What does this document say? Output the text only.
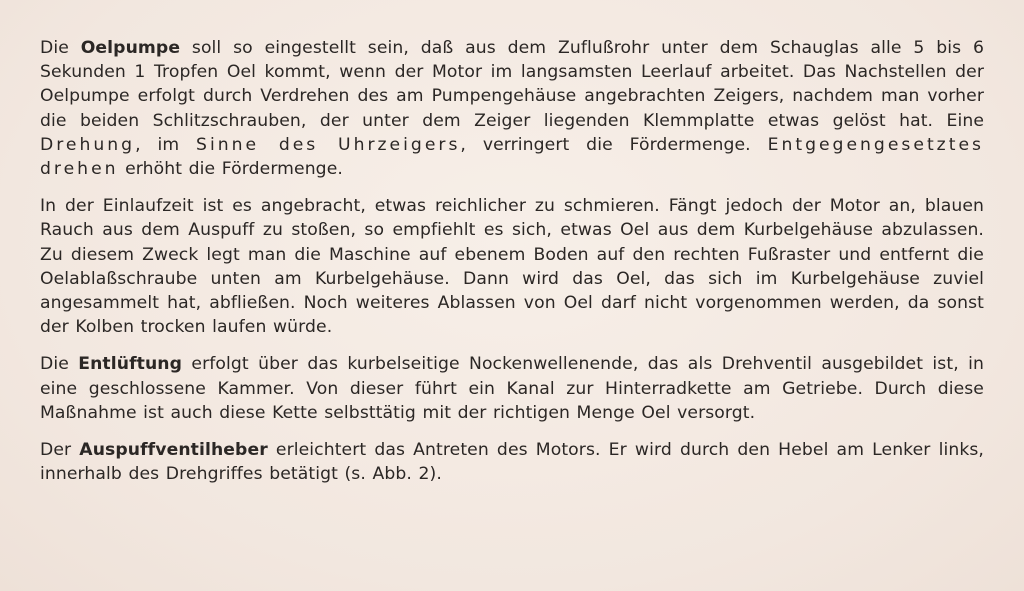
Die Oelpumpe soll so eingestellt sein, daß aus dem Zuflußrohr unter dem Schauglas alle 5 bis 6 Sekunden 1 Tropfen Oel kommt, wenn der Motor im langsamsten Leerlauf arbeitet. Das Nachstellen der Oelpumpe erfolgt durch Verdrehen des am Pumpengehäuse angebrachten Zeigers, nachdem man vorher die beiden Schlitzschrauben, der unter dem Zeiger liegenden Klemmplatte etwas gelöst hat. Eine Drehung, im Sinne des Uhrzeigers, verringert die Fördermenge. Entgegengesetztes drehen erhöht die Fördermenge.

In der Einlaufzeit ist es angebracht, etwas reichlicher zu schmieren. Fängt jedoch der Motor an, blauen Rauch aus dem Auspuff zu stoßen, so empfiehlt es sich, etwas Oel aus dem Kurbelgehäuse abzulassen. Zu diesem Zweck legt man die Maschine auf ebenem Boden auf den rechten Fußraster und entfernt die Oelablaßschraube unten am Kurbelgehäuse. Dann wird das Oel, das sich im Kurbelgehäuse zuviel angesammelt hat, abfließen. Noch weiteres Ablassen von Oel darf nicht vorgenommen werden, da sonst der Kolben trocken laufen würde.

Die Entlüftung erfolgt über das kurbelseitige Nockenwellenende, das als Drehventil ausgebildet ist, in eine geschlossene Kammer. Von dieser führt ein Kanal zur Hinterradkette am Getriebe. Durch diese Maßnahme ist auch diese Kette selbsttätig mit der richtigen Menge Oel versorgt.

Der Auspuffventilheber erleichtert das Antreten des Motors. Er wird durch den Hebel am Lenker links, innerhalb des Drehgriffes betätigt (s. Abb. 2).
